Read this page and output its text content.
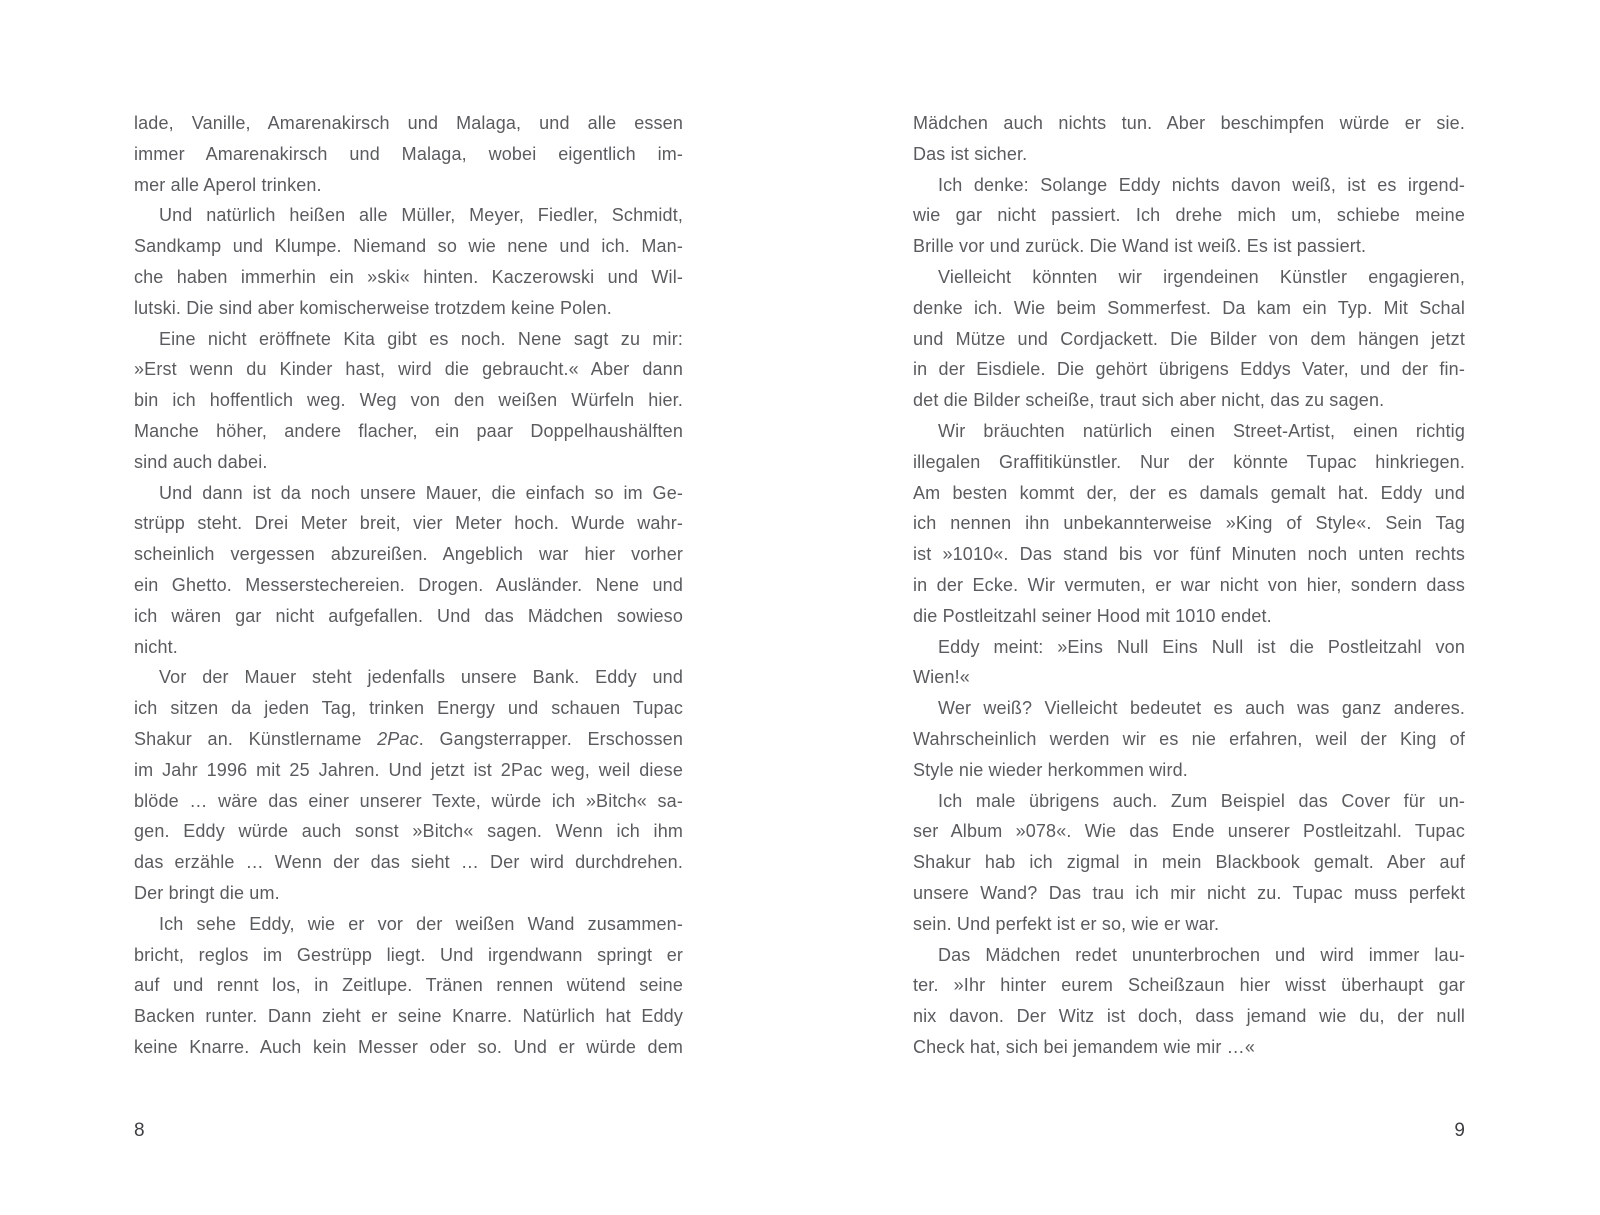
lade, Vanille, Amarenakirsch und Malaga, und alle essen
immer Amarenakirsch und Malaga, wobei eigentlich im-
mer alle Aperol trinken.
Und natürlich heißen alle Müller, Meyer, Fiedler, Schmidt,
Sandkamp und Klumpe. Niemand so wie nene und ich. Man-
che haben immerhin ein »ski« hinten. Kaczerowski und Wil-
lutski. Die sind aber komischerweise trotzdem keine Polen.
Eine nicht eröffnete Kita gibt es noch. Nene sagt zu mir:
»Erst wenn du Kinder hast, wird die gebraucht.« Aber dann
bin ich hoffentlich weg. Weg von den weißen Würfeln hier.
Manche höher, andere flacher, ein paar Doppelhaushälften
sind auch dabei.
Und dann ist da noch unsere Mauer, die einfach so im Ge-
strüpp steht. Drei Meter breit, vier Meter hoch. Wurde wahr-
scheinlich vergessen abzureißen. Angeblich war hier vorher
ein Ghetto. Messerstechereien. Drogen. Ausländer. Nene und
ich wären gar nicht aufgefallen. Und das Mädchen sowieso
nicht.
Vor der Mauer steht jedenfalls unsere Bank. Eddy und
ich sitzen da jeden Tag, trinken Energy und schauen Tupac
Shakur an. Künstlername 2Pac. Gangsterrapper. Erschossen
im Jahr 1996 mit 25 Jahren. Und jetzt ist 2Pac weg, weil diese
blöde … wäre das einer unserer Texte, würde ich »Bitch« sa-
gen. Eddy würde auch sonst »Bitch« sagen. Wenn ich ihm
das erzähle … Wenn der das sieht … Der wird durchdrehen.
Der bringt die um.
Ich sehe Eddy, wie er vor der weißen Wand zusammen-
bricht, reglos im Gestrüpp liegt. Und irgendwann springt er
auf und rennt los, in Zeitlupe. Tränen rennen wütend seine
Backen runter. Dann zieht er seine Knarre. Natürlich hat Eddy
keine Knarre. Auch kein Messer oder so. Und er würde dem
8
Mädchen auch nichts tun. Aber beschimpfen würde er sie.
Das ist sicher.
Ich denke: Solange Eddy nichts davon weiß, ist es irgend-
wie gar nicht passiert. Ich drehe mich um, schiebe meine
Brille vor und zurück. Die Wand ist weiß. Es ist passiert.
Vielleicht könnten wir irgendeinen Künstler engagieren,
denke ich. Wie beim Sommerfest. Da kam ein Typ. Mit Schal
und Mütze und Cordjackett. Die Bilder von dem hängen jetzt
in der Eisdiele. Die gehört übrigens Eddys Vater, und der fin-
det die Bilder scheiße, traut sich aber nicht, das zu sagen.
Wir bräuchten natürlich einen Street-Artist, einen richtig
illegalen Graffitikünstler. Nur der könnte Tupac hinkriegen.
Am besten kommt der, der es damals gemalt hat. Eddy und
ich nennen ihn unbekannterweise »King of Style«. Sein Tag
ist »1010«. Das stand bis vor fünf Minuten noch unten rechts
in der Ecke. Wir vermuten, er war nicht von hier, sondern dass
die Postleitzahl seiner Hood mit 1010 endet.
Eddy meint: »Eins Null Eins Null ist die Postleitzahl von
Wien!«
Wer weiß? Vielleicht bedeutet es auch was ganz anderes.
Wahrscheinlich werden wir es nie erfahren, weil der King of
Style nie wieder herkommen wird.
Ich male übrigens auch. Zum Beispiel das Cover für un-
ser Album »078«. Wie das Ende unserer Postleitzahl. Tupac
Shakur hab ich zigmal in mein Blackbook gemalt. Aber auf
unsere Wand? Das trau ich mir nicht zu. Tupac muss perfekt
sein. Und perfekt ist er so, wie er war.
Das Mädchen redet ununterbrochen und wird immer lau-
ter. »Ihr hinter eurem Scheißzaun hier wisst überhaupt gar
nix davon. Der Witz ist doch, dass jemand wie du, der null
Check hat, sich bei jemandem wie mir …«
9
